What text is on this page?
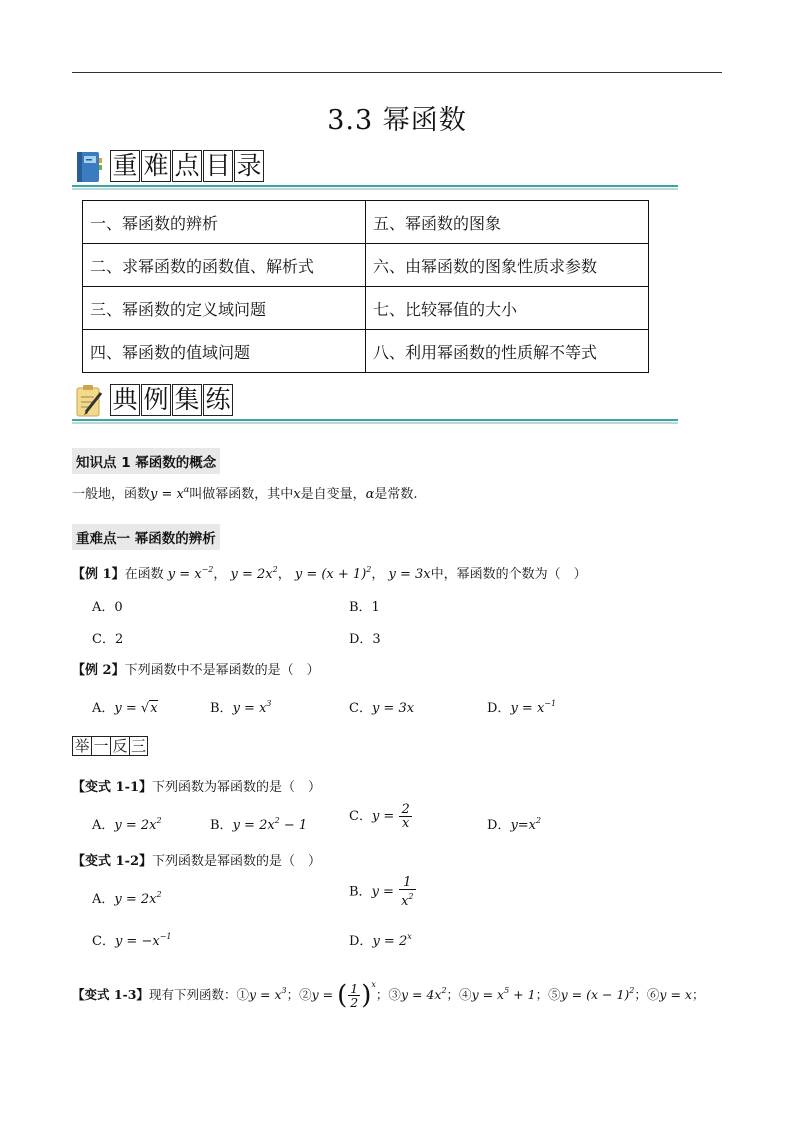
3.3 幂函数
重 难 点 目 录
一、幂函数的辨析	五、幂函数的图象
二、求幂函数的函数值、解析式	六、由幂函数的图象性质求参数
三、幂函数的定义域问题	七、比较幂值的大小
四、幂函数的值域问题	八、利用幂函数的性质解不等式
典 例 集 练
知识点 1 幂函数的概念
一般地，函数$y = x^\alpha$叫做幂函数，其中x是自变量，α是常数.
重难点一 幂函数的辨析
【例 1】在函数 $y = x^{-2}$， $y = 2x^2$， $y = (x + 1)^2$， y = 3x中，幂函数的个数为（　）
A．0	B．1
C．2	D．3
【例 2】下列函数中不是幂函数的是（　）
A．y = √x	B．$y = x^3$	C．y = 3x	D．$y = x^{-1}$
举 一 反 三
【变式 1-1】下列函数为幂函数的是（　）
A．$y = 2x^2$	B．$y = 2x^2 - 1$
C．$y = \frac{2}{x}$	D．$y=x^2$
【变式 1-2】下列函数是幂函数的是（　）
A．$y = 2x^2$	B．$y = \frac{1}{x^2}$
C．$y = -x^{-1}$	D．$y = 2^x$
【变式 1-3】现有下列函数：①y = $x^3$；②y = ( $\frac{1}{2} )^x$；③y = $4x^2$；④y = $x^5 + 1$；⑤y = $(x - 1)^2$；⑥y = x；
